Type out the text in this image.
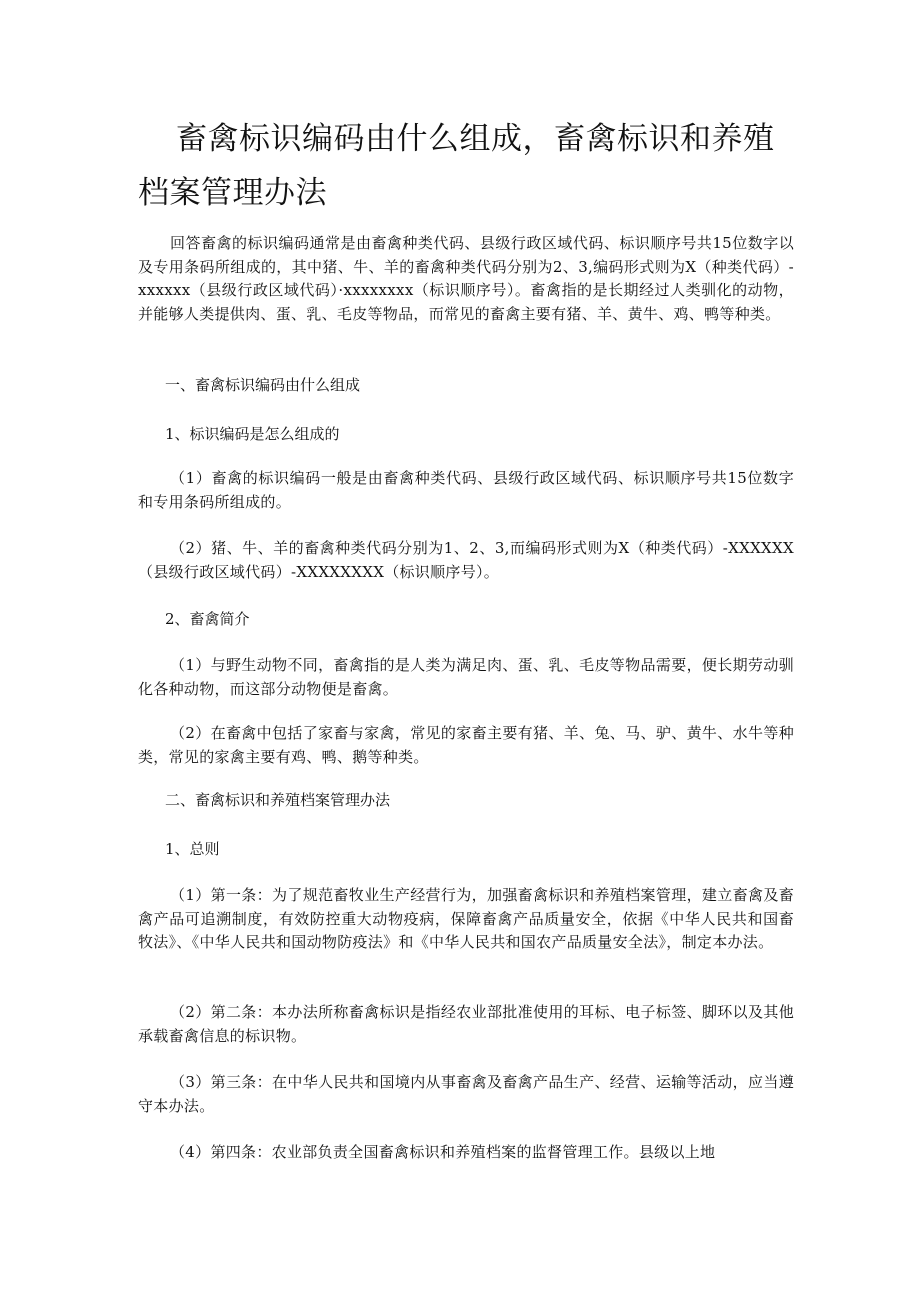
畜禽标识编码由什么组成，畜禽标识和养殖档案管理办法

回答畜禽的标识编码通常是由畜禽种类代码、县级行政区域代码、标识顺序号共15位数字以及专用条码所组成的，其中猪、牛、羊的畜禽种类代码分别为2、3,编码形式则为X（种类代码）-xxxxxx（县级行政区域代码）·xxxxxxxx（标识顺序号）。畜禽指的是长期经过人类驯化的动物，并能够人类提供肉、蛋、乳、毛皮等物品，而常见的畜禽主要有猪、羊、黄牛、鸡、鸭等种类。

一、畜禽标识编码由什么组成

1、标识编码是怎么组成的

（1）畜禽的标识编码一般是由畜禽种类代码、县级行政区域代码、标识顺序号共15位数字和专用条码所组成的。

（2）猪、牛、羊的畜禽种类代码分别为1、2、3,而编码形式则为X（种类代码）-XXXXXX（县级行政区域代码）-XXXXXXXX（标识顺序号）。

2、畜禽简介

（1）与野生动物不同，畜禽指的是人类为满足肉、蛋、乳、毛皮等物品需要，便长期劳动驯化各种动物，而这部分动物便是畜禽。

（2）在畜禽中包括了家畜与家禽，常见的家畜主要有猪、羊、兔、马、驴、黄牛、水牛等种类，常见的家禽主要有鸡、鸭、鹅等种类。

二、畜禽标识和养殖档案管理办法

1、总则

（1）第一条：为了规范畜牧业生产经营行为，加强畜禽标识和养殖档案管理，建立畜禽及畜禽产品可追溯制度，有效防控重大动物疫病，保障畜禽产品质量安全，依据《中华人民共和国畜牧法》、《中华人民共和国动物防疫法》和《中华人民共和国农产品质量安全法》，制定本办法。

（2）第二条：本办法所称畜禽标识是指经农业部批准使用的耳标、电子标签、脚环以及其他承载畜禽信息的标识物。

（3）第三条：在中华人民共和国境内从事畜禽及畜禽产品生产、经营、运输等活动，应当遵守本办法。

（4）第四条：农业部负责全国畜禽标识和养殖档案的监督管理工作。县级以上地
